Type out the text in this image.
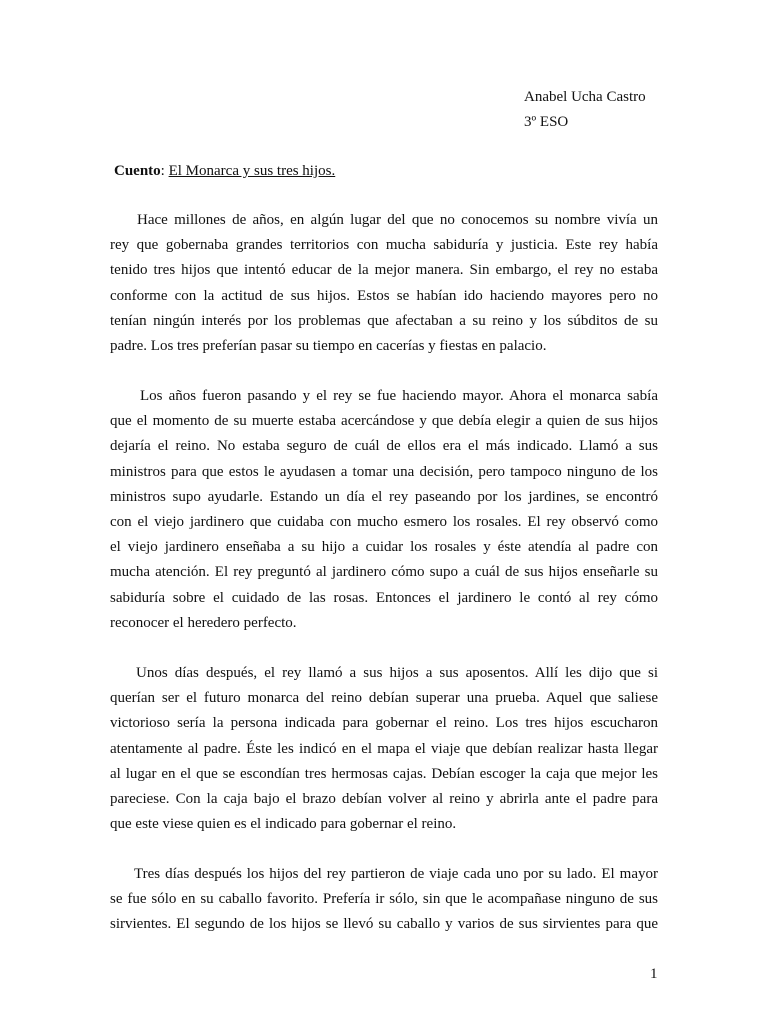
Anabel Ucha Castro
3º ESO
Cuento: El Monarca y sus tres hijos.
Hace millones de años, en algún lugar del que no conocemos su nombre vivía un
rey que gobernaba grandes territorios con mucha sabiduría y justicia. Este rey había
tenido tres hijos que intentó educar de la mejor manera. Sin embargo, el rey no estaba
conforme con la actitud de sus hijos. Estos se habían ido haciendo mayores pero no
tenían ningún interés por los problemas que afectaban a su reino y los súbditos de su
padre. Los tres preferían pasar su tiempo en cacerías y fiestas en palacio.
Los años fueron pasando y el rey se fue haciendo mayor. Ahora el monarca sabía
que el momento de su muerte estaba acercándose y que debía elegir a quien de sus hijos
dejaría el reino. No estaba seguro de cuál de ellos era el más indicado. Llamó a sus
ministros para que estos le ayudasen a tomar una decisión, pero tampoco ninguno de los
ministros supo ayudarle. Estando un día el rey paseando por los jardines, se encontró
con el viejo jardinero que cuidaba con mucho esmero los rosales. El rey observó como
el viejo jardinero enseñaba a su hijo a cuidar los rosales y éste atendía al padre con
mucha atención. El rey preguntó al jardinero cómo supo a cuál de sus hijos enseñarle su
sabiduría sobre el cuidado de las rosas. Entonces el jardinero le contó al rey cómo
reconocer el heredero perfecto.
Unos días después, el rey llamó a sus hijos a sus aposentos. Allí les dijo que si
querían ser el futuro monarca del reino debían superar una prueba. Aquel que saliese
victorioso sería la persona indicada para gobernar el reino. Los tres hijos escucharon
atentamente al padre. Éste les indicó en el mapa el viaje que debían realizar hasta llegar
al lugar en el que se escondían tres hermosas cajas. Debían escoger la caja que mejor les
pareciese. Con la caja bajo el brazo debían volver al reino y abrirla ante el padre para
que este viese quien es el indicado para gobernar el reino.
Tres días después los hijos del rey partieron de viaje cada uno por su lado. El mayor
se fue sólo en su caballo favorito. Prefería ir sólo, sin que le acompañase ninguno de sus
sirvientes. El segundo de los hijos se llevó su caballo y varios de sus sirvientes para que
1
